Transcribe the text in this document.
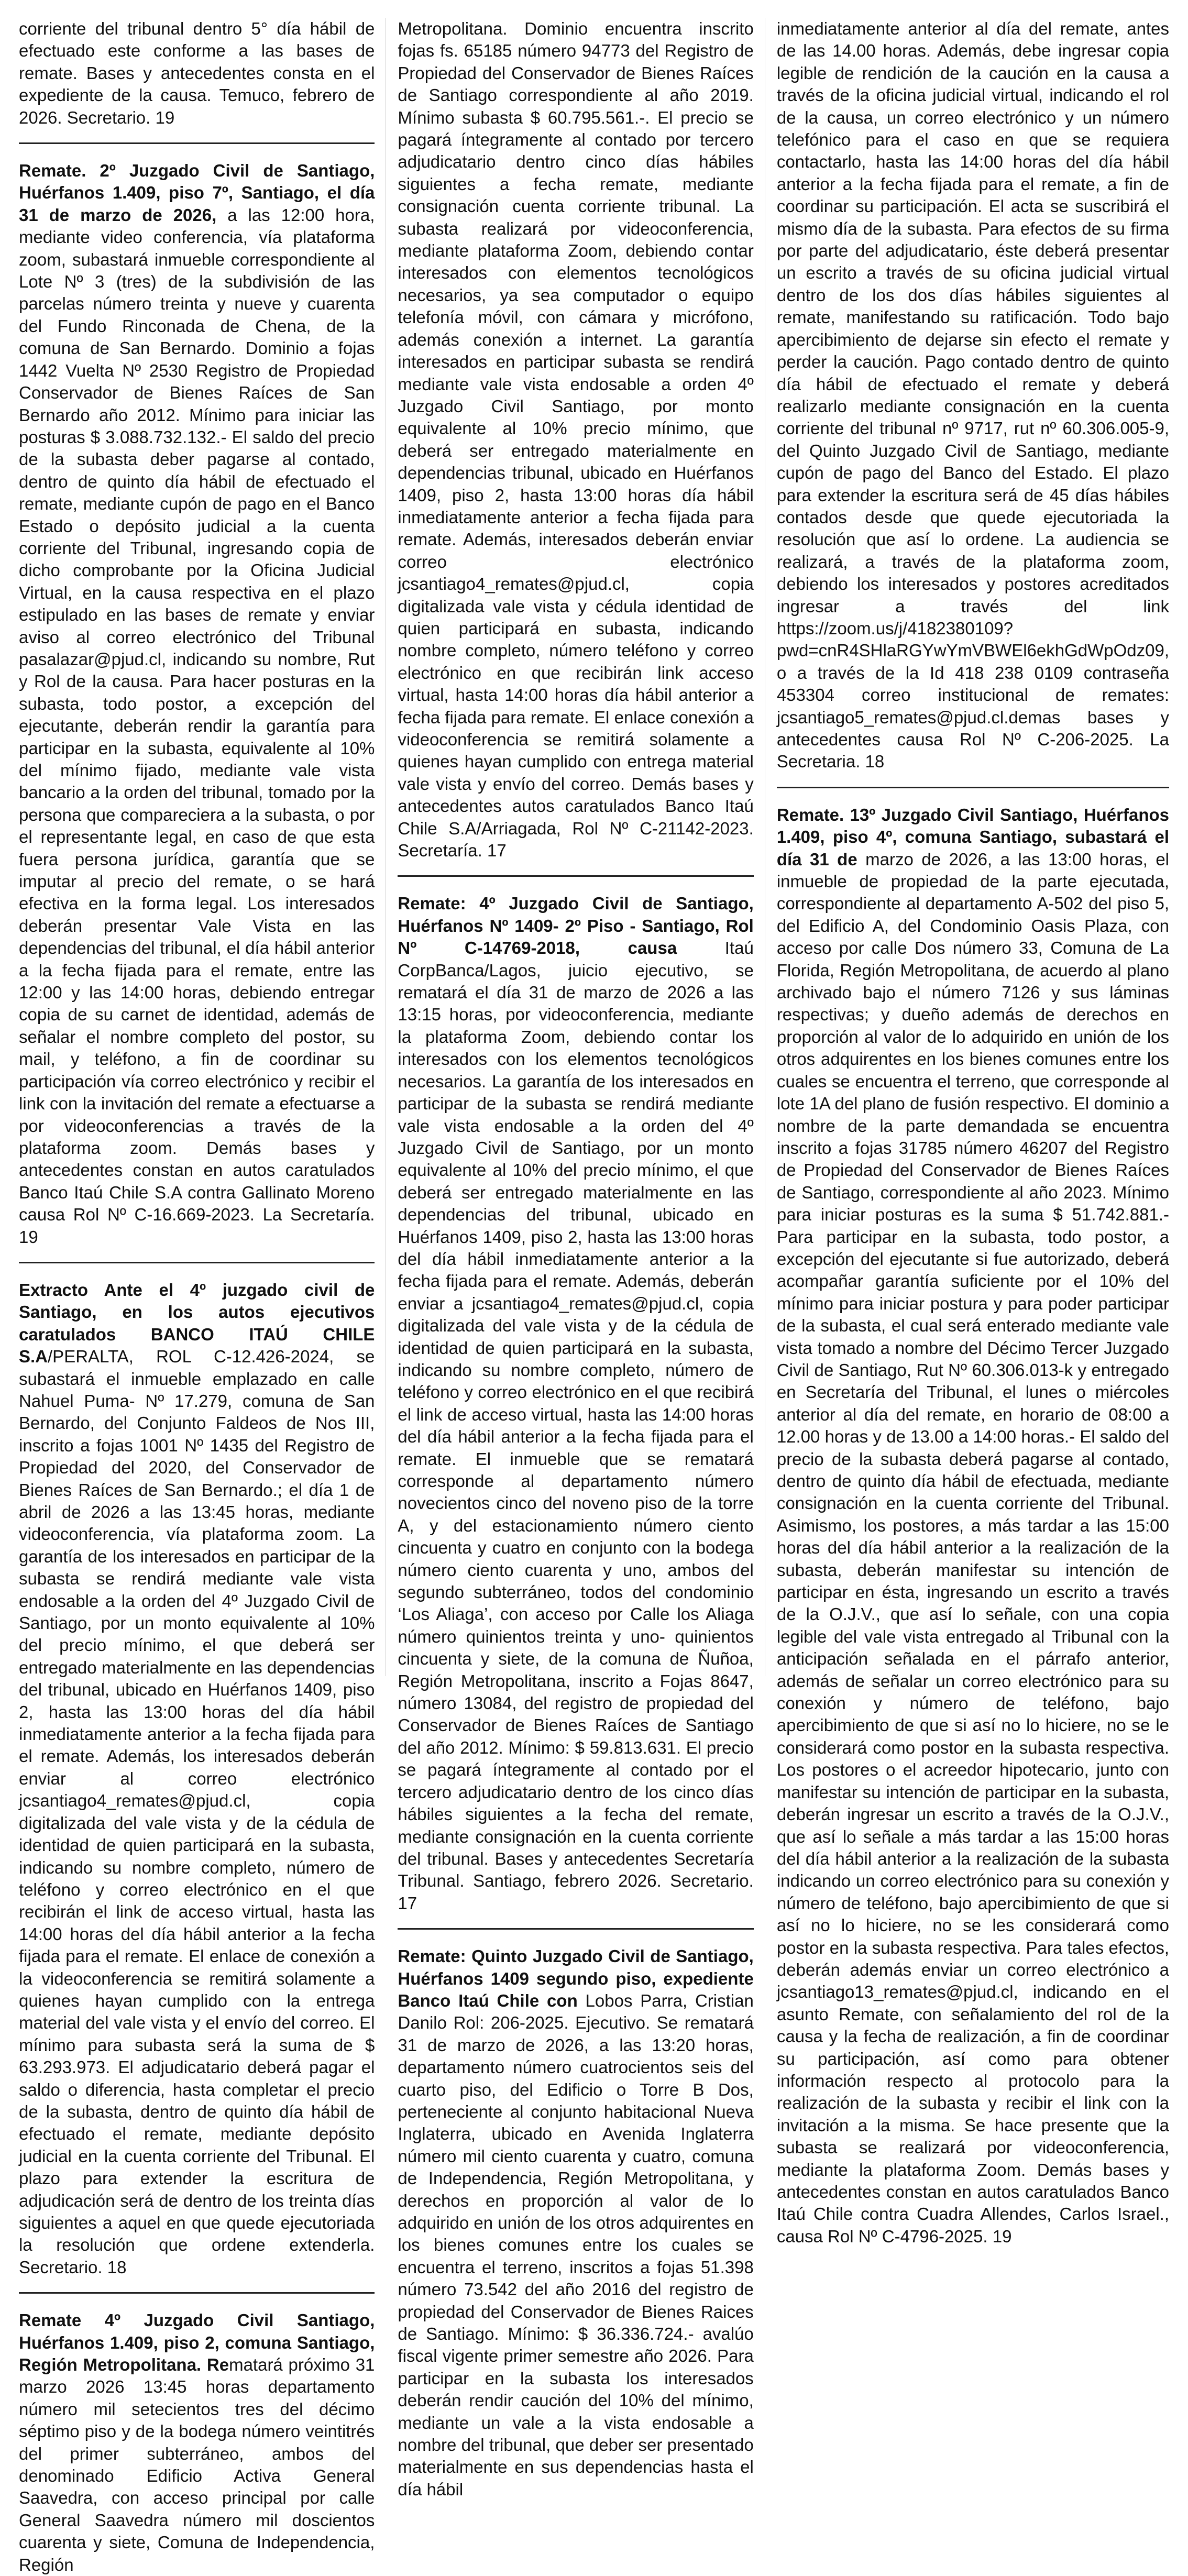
corriente del tribunal dentro 5° día hábil de efectuado este conforme a las bases de remate. Bases y antecedentes consta en el expediente de la causa. Temuco, febrero de 2026. Secretario. 19

Remate. 2º Juzgado Civil de Santiago, Huérfanos 1.409, piso 7º, Santiago, el día 31 de marzo de 2026, a las 12:00 hora, mediante video conferencia, vía plataforma zoom, subastará inmueble correspondiente al Lote Nº 3 (tres) de la subdivisión de las parcelas número treinta y nueve y cuarenta del Fundo Rinconada de Chena, de la comuna de San Bernardo. Dominio a fojas 1442 Vuelta Nº 2530 Registro de Propiedad Conservador de Bienes Raíces de San Bernardo año 2012. Mínimo para iniciar las posturas $ 3.088.732.132.- El saldo del precio de la subasta deber pagarse al contado, dentro de quinto día hábil de efectuado el remate, mediante cupón de pago en el Banco Estado o depósito judicial a la cuenta corriente del Tribunal, ingresando copia de dicho comprobante por la Oficina Judicial Virtual, en la causa respectiva en el plazo estipulado en las bases de remate y enviar aviso al correo electrónico del Tribunal pasalazar@pjud.cl, indicando su nombre, Rut y Rol de la causa. Para hacer posturas en la subasta, todo postor, a excepción del ejecutante, deberán rendir la garantía para participar en la subasta, equivalente al 10% del mínimo fijado, mediante vale vista bancario a la orden del tribunal, tomado por la persona que compareciera a la subasta, o por el representante legal, en caso de que esta fuera persona jurídica, garantía que se imputar al precio del remate, o se hará efectiva en la forma legal. Los interesados deberán presentar Vale Vista en las dependencias del tribunal, el día hábil anterior a la fecha fijada para el remate, entre las 12:00 y las 14:00 horas, debiendo entregar copia de su carnet de identidad, además de señalar el nombre completo del postor, su mail, y teléfono, a fin de coordinar su participación vía correo electrónico y recibir el link con la invitación del remate a efectuarse a por videoconferencias a través de la plataforma zoom. Demás bases y antecedentes constan en autos caratulados Banco Itaú Chile S.A contra Gallinato Moreno causa Rol Nº C-16.669-2023. La Secretaría. 19

Extracto Ante el 4º juzgado civil de Santiago, en los autos ejecutivos caratulados BANCO ITAÚ CHILE S.A/PERALTA, ROL C-12.426-2024, se subastará el inmueble emplazado en calle Nahuel Puma- Nº 17.279, comuna de San Bernardo, del Conjunto Faldeos de Nos III, inscrito a fojas 1001 Nº 1435 del Registro de Propiedad del 2020, del Conservador de Bienes Raíces de San Bernardo.; el día 1 de abril de 2026 a las 13:45 horas, mediante videoconferencia, vía plataforma zoom. La garantía de los interesados en participar de la subasta se rendirá mediante vale vista endosable a la orden del 4º Juzgado Civil de Santiago, por un monto equivalente al 10% del precio mínimo, el que deberá ser entregado materialmente en las dependencias del tribunal, ubicado en Huérfanos 1409, piso 2, hasta las 13:00 horas del día hábil inmediatamente anterior a la fecha fijada para el remate. Además, los interesados deberán enviar al correo electrónico jcsantiago4_remates@pjud.cl, copia digitalizada del vale vista y de la cédula de identidad de quien participará en la subasta, indicando su nombre completo, número de teléfono y correo electrónico en el que recibirán el link de acceso virtual, hasta las 14:00 horas del día hábil anterior a la fecha fijada para el remate. El enlace de conexión a la videoconferencia se remitirá solamente a quienes hayan cumplido con la entrega material del vale vista y el envío del correo. El mínimo para subasta será la suma de $ 63.293.973. El adjudicatario deberá pagar el saldo o diferencia, hasta completar el precio de la subasta, dentro de quinto día hábil de efectuado el remate, mediante depósito judicial en la cuenta corriente del Tribunal. El plazo para extender la escritura de adjudicación será de dentro de los treinta días siguientes a aquel en que quede ejecutoriada la resolución que ordene extenderla. Secretario. 18

Remate 4º Juzgado Civil Santiago, Huérfanos 1.409, piso 2, comuna Santiago, Región Metropolitana. Rematará próximo 31 marzo 2026 13:45 horas departamento número mil setecientos tres del décimo séptimo piso y de la bodega número veintitrés del primer subterráneo, ambos del denominado Edificio Activa General Saavedra, con acceso principal por calle General Saavedra número mil doscientos cuarenta y siete, Comuna de Independencia, Región

Metropolitana. Dominio encuentra inscrito fojas fs. 65185 número 94773 del Registro de Propiedad del Conservador de Bienes Raíces de Santiago correspondiente al año 2019. Mínimo subasta $ 60.795.561.-. El precio se pagará íntegramente al contado por tercero adjudicatario dentro cinco días hábiles siguientes a fecha remate, mediante consignación cuenta corriente tribunal. La subasta realizará por videoconferencia, mediante plataforma Zoom, debiendo contar interesados con elementos tecnológicos necesarios, ya sea computador o equipo telefonía móvil, con cámara y micrófono, además conexión a internet. La garantía interesados en participar subasta se rendirá mediante vale vista endosable a orden 4º Juzgado Civil Santiago, por monto equivalente al 10% precio mínimo, que deberá ser entregado materialmente en dependencias tribunal, ubicado en Huérfanos 1409, piso 2, hasta 13:00 horas día hábil inmediatamente anterior a fecha fijada para remate. Además, interesados deberán enviar correo electrónico jcsantiago4_remates@pjud.cl, copia digitalizada vale vista y cédula identidad de quien participará en subasta, indicando nombre completo, número teléfono y correo electrónico en que recibirán link acceso virtual, hasta 14:00 horas día hábil anterior a fecha fijada para remate. El enlace conexión a videoconferencia se remitirá solamente a quienes hayan cumplido con entrega material vale vista y envío del correo. Demás bases y antecedentes autos caratulados Banco Itaú Chile S.A/Arriagada, Rol Nº C-21142-2023. Secretaría. 17

Remate: 4º Juzgado Civil de Santiago, Huérfanos Nº 1409- 2º Piso - Santiago, Rol Nº C-14769-2018, causa Itaú CorpBanca/Lagos, juicio ejecutivo, se rematará el día 31 de marzo de 2026 a las 13:15 horas, por videoconferencia, mediante la plataforma Zoom, debiendo contar los interesados con los elementos tecnológicos necesarios. La garantía de los interesados en participar de la subasta se rendirá mediante vale vista endosable a la orden del 4º Juzgado Civil de Santiago, por un monto equivalente al 10% del precio mínimo, el que deberá ser entregado materialmente en las dependencias del tribunal, ubicado en Huérfanos 1409, piso 2, hasta las 13:00 horas del día hábil inmediatamente anterior a la fecha fijada para el remate. Además, deberán enviar a jcsantiago4_remates@pjud.cl, copia digitalizada del vale vista y de la cédula de identidad de quien participará en la subasta, indicando su nombre completo, número de teléfono y correo electrónico en el que recibirá el link de acceso virtual, hasta las 14:00 horas del día hábil anterior a la fecha fijada para el remate. El inmueble que se rematará corresponde al departamento número novecientos cinco del noveno piso de la torre A, y del estacionamiento número ciento cincuenta y cuatro en conjunto con la bodega número ciento cuarenta y uno, ambos del segundo subterráneo, todos del condominio ‘Los Aliaga’, con acceso por Calle los Aliaga número quinientos treinta y uno- quinientos cincuenta y siete, de la comuna de Ñuñoa, Región Metropolitana, inscrito a Fojas 8647, número 13084, del registro de propiedad del Conservador de Bienes Raíces de Santiago del año 2012. Mínimo: $ 59.813.631. El precio se pagará íntegramente al contado por el tercero adjudicatario dentro de los cinco días hábiles siguientes a la fecha del remate, mediante consignación en la cuenta corriente del tribunal. Bases y antecedentes Secretaría Tribunal. Santiago, febrero 2026. Secretario. 17

Remate: Quinto Juzgado Civil de Santiago, Huérfanos 1409 segundo piso, expediente Banco Itaú Chile con Lobos Parra, Cristian Danilo Rol: 206-2025. Ejecutivo. Se rematará 31 de marzo de 2026, a las 13:20 horas, departamento número cuatrocientos seis del cuarto piso, del Edificio o Torre B Dos, perteneciente al conjunto habitacional Nueva Inglaterra, ubicado en Avenida Inglaterra número mil ciento cuarenta y cuatro, comuna de Independencia, Región Metropolitana, y derechos en proporción al valor de lo adquirido en unión de los otros adquirentes en los bienes comunes entre los cuales se encuentra el terreno, inscritos a fojas 51.398 número 73.542 del año 2016 del registro de propiedad del Conservador de Bienes Raices de Santiago. Mínimo: $ 36.336.724.- avalúo fiscal vigente primer semestre año 2026. Para participar en la subasta los interesados deberán rendir caución del 10% del mínimo, mediante un vale a la vista endosable a nombre del tribunal, que deber ser presentado materialmente en sus dependencias hasta el día hábil

inmediatamente anterior al día del remate, antes de las 14.00 horas. Además, debe ingresar copia legible de rendición de la caución en la causa a través de la oficina judicial virtual, indicando el rol de la causa, un correo electrónico y un número telefónico para el caso en que se requiera contactarlo, hasta las 14:00 horas del día hábil anterior a la fecha fijada para el remate, a fin de coordinar su participación. El acta se suscribirá el mismo día de la subasta. Para efectos de su firma por parte del adjudicatario, éste deberá presentar un escrito a través de su oficina judicial virtual dentro de los dos días hábiles siguientes al remate, manifestando su ratificación. Todo bajo apercibimiento de dejarse sin efecto el remate y perder la caución. Pago contado dentro de quinto día hábil de efectuado el remate y deberá realizarlo mediante consignación en la cuenta corriente del tribunal nº 9717, rut nº 60.306.005-9, del Quinto Juzgado Civil de Santiago, mediante cupón de pago del Banco del Estado. El plazo para extender la escritura será de 45 días hábiles contados desde que quede ejecutoriada la resolución que así lo ordene. La audiencia se realizará, a través de la plataforma zoom, debiendo los interesados y postores acreditados ingresar a través del link https://zoom.us/j/4182380109?pwd=cnR4SHlaRGYwYmVBWEl6ekhGdWpOdz09, o a través de la Id 418 238 0109 contraseña 453304 correo institucional de remates: jcsantiago5_remates@pjud.cl.demas bases y antecedentes causa Rol Nº C-206-2025. La Secretaria. 18

Remate. 13º Juzgado Civil Santiago, Huérfanos 1.409, piso 4º, comuna Santiago, subastará el día 31 de marzo de 2026, a las 13:00 horas, el inmueble de propiedad de la parte ejecutada, correspondiente al departamento A-502 del piso 5, del Edificio A, del Condominio Oasis Plaza, con acceso por calle Dos número 33, Comuna de La Florida, Región Metropolitana, de acuerdo al plano archivado bajo el número 7126 y sus láminas respectivas; y dueño además de derechos en proporción al valor de lo adquirido en unión de los otros adquirentes en los bienes comunes entre los cuales se encuentra el terreno, que corresponde al lote 1A del plano de fusión respectivo. El dominio a nombre de la parte demandada se encuentra inscrito a fojas 31785 número 46207 del Registro de Propiedad del Conservador de Bienes Raíces de Santiago, correspondiente al año 2023. Mínimo para iniciar posturas es la suma $ 51.742.881.- Para participar en la subasta, todo postor, a excepción del ejecutante si fue autorizado, deberá acompañar garantía suficiente por el 10% del mínimo para iniciar postura y para poder participar de la subasta, el cual será enterado mediante vale vista tomado a nombre del Décimo Tercer Juzgado Civil de Santiago, Rut Nº 60.306.013-k y entregado en Secretaría del Tribunal, el lunes o miércoles anterior al día del remate, en horario de 08:00 a 12.00 horas y de 13.00 a 14:00 horas.- El saldo del precio de la subasta deberá pagarse al contado, dentro de quinto día hábil de efectuada, mediante consignación en la cuenta corriente del Tribunal. Asimismo, los postores, a más tardar a las 15:00 horas del día hábil anterior a la realización de la subasta, deberán manifestar su intención de participar en ésta, ingresando un escrito a través de la O.J.V., que así lo señale, con una copia legible del vale vista entregado al Tribunal con la anticipación señalada en el párrafo anterior, además de señalar un correo electrónico para su conexión y número de teléfono, bajo apercibimiento de que si así no lo hiciere, no se le considerará como postor en la subasta respectiva. Los postores o el acreedor hipotecario, junto con manifestar su intención de participar en la subasta, deberán ingresar un escrito a través de la O.J.V., que así lo señale a más tardar a las 15:00 horas del día hábil anterior a la realización de la subasta indicando un correo electrónico para su conexión y número de teléfono, bajo apercibimiento de que si así no lo hiciere, no se les considerará como postor en la subasta respectiva. Para tales efectos, deberán además enviar un correo electrónico a jcsantiago13_remates@pjud.cl, indicando en el asunto Remate, con señalamiento del rol de la causa y la fecha de realización, a fin de coordinar su participación, así como para obtener información respecto al protocolo para la realización de la subasta y recibir el link con la invitación a la misma. Se hace presente que la subasta se realizará por videoconferencia, mediante la plataforma Zoom. Demás bases y antecedentes constan en autos caratulados Banco Itaú Chile contra Cuadra Allendes, Carlos Israel., causa Rol Nº C-4796-2025. 19
